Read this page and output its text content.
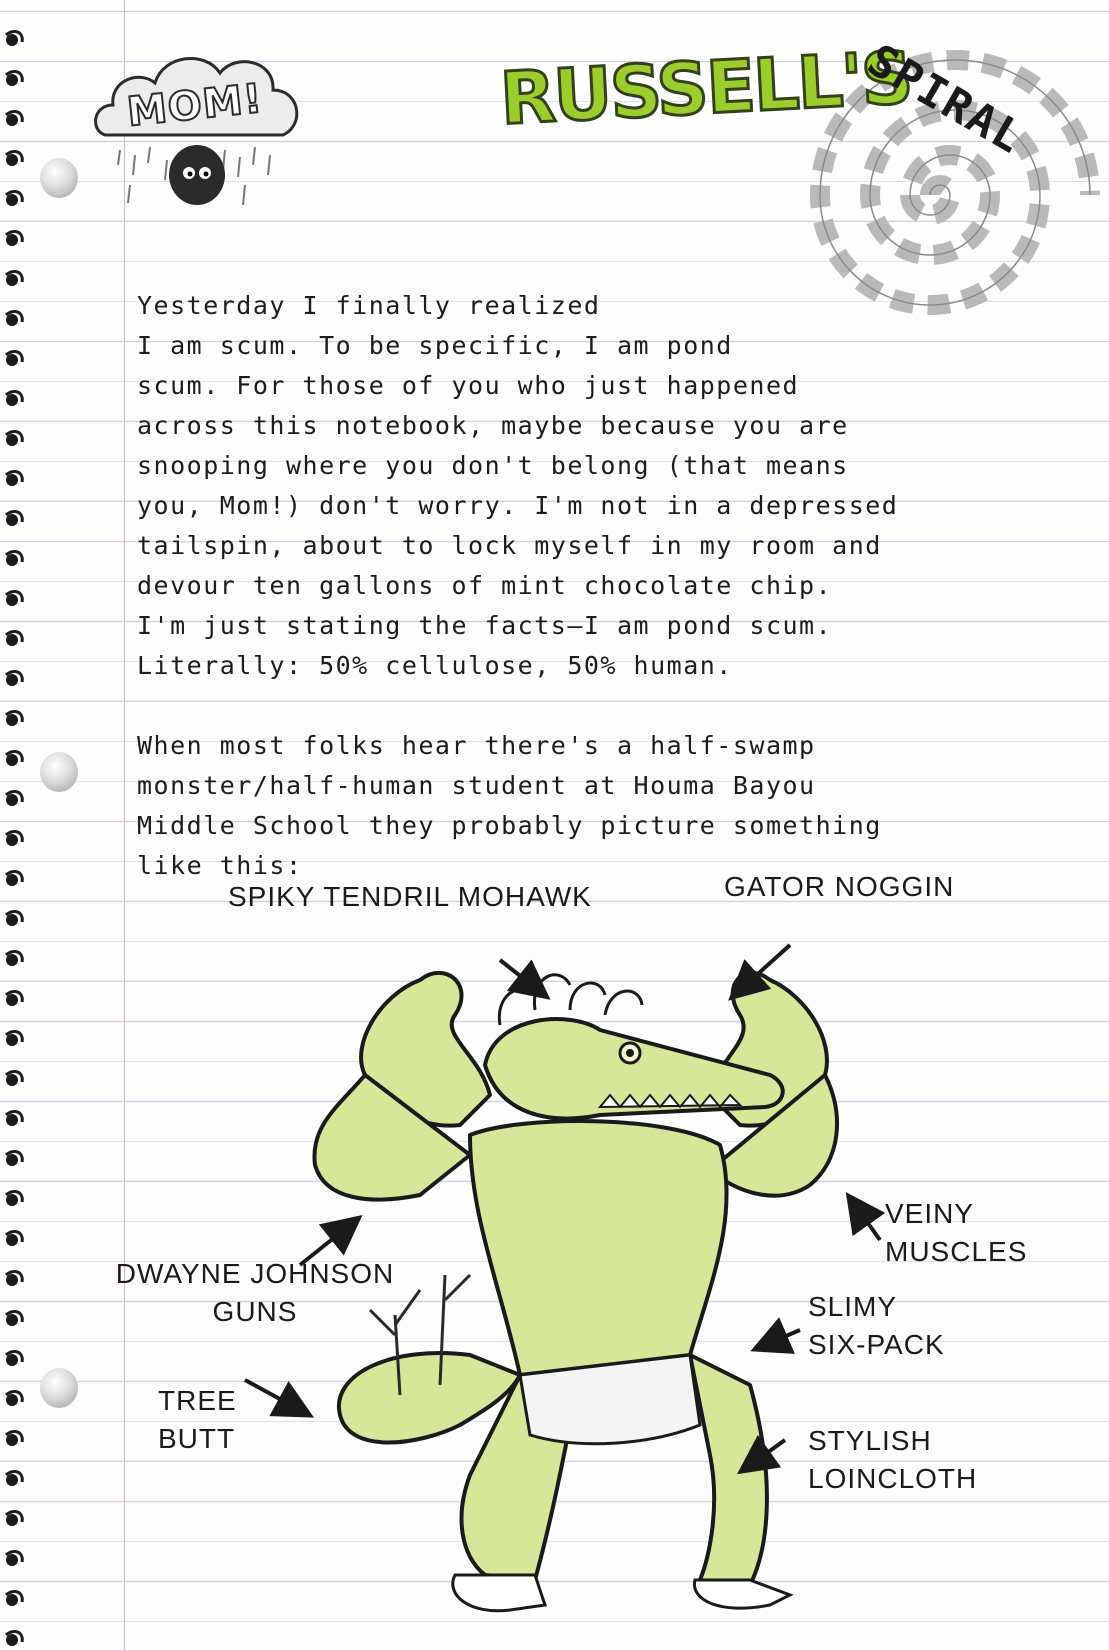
MOM!	RUSSELL'S
SPIRAL
Yesterday I finally realized
I am scum. To be specific, I am pond
scum. For those of you who just happened
across this notebook, maybe because you are
snooping where you don't belong (that means
you, Mom!) don't worry. I'm not in a depressed
tailspin, about to lock myself in my room and
devour ten gallons of mint chocolate chip.
I'm just stating the facts—I am pond scum.
Literally: 50% cellulose, 50% human.
When most folks hear there's a half-swamp
monster/half-human student at Houma Bayou
Middle School they probably picture something
like this:
SPIKY TENDRIL MOHAWK	GATOR NOGGIN
VEINY
MUSCLES
DWAYNE JOHNSON
GUNS	SLIMY
SIX-PACK
TREE
BUTT	STYLISH
LOINCLOTH
